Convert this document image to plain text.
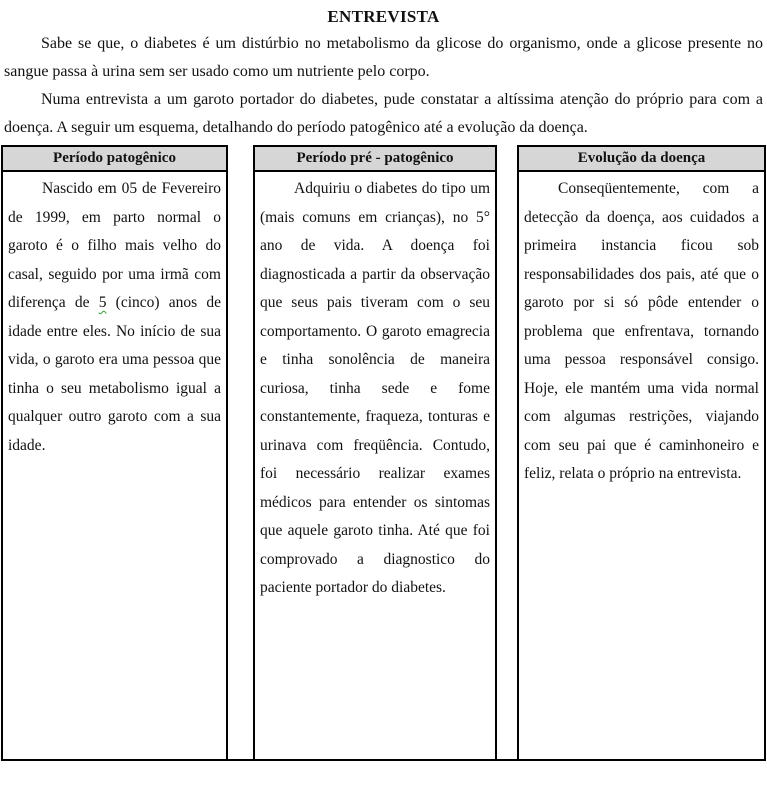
ENTREVISTA

Sabe se que, o diabetes é um distúrbio no metabolismo da glicose do organismo, onde a glicose presente no sangue passa à urina sem ser usado como um nutriente pelo corpo.

Numa entrevista a um garoto portador do diabetes, pude constatar a altíssima atenção do próprio para com a doença. A seguir um esquema, detalhando do período patogênico até a evolução da doença.

Período patogênico
Nascido em 05 de Fevereiro de 1999, em parto normal o garoto é o filho mais velho do casal, seguido por uma irmã com diferença de 5 (cinco) anos de idade entre eles. No início de sua vida, o garoto era uma pessoa que tinha o seu metabolismo igual a qualquer outro garoto com a sua idade.
Período pré - patogênico
Adquiriu o diabetes do tipo um (mais comuns em crianças), no 5° ano de vida. A doença foi diagnosticada a partir da observação que seus pais tiveram com o seu comportamento. O garoto emagrecia e tinha sonolência de maneira curiosa, tinha sede e fome constantemente, fraqueza, tonturas e urinava com freqüência. Contudo, foi necessário realizar exames médicos para entender os sintomas que aquele garoto tinha. Até que foi comprovado a diagnostico do paciente portador do diabetes.
Evolução da doença
Conseqüentemente, com a detecção da doença, aos cuidados a primeira instancia ficou sob responsabilidades dos pais, até que o garoto por si só pôde entender o problema que enfrentava, tornando uma pessoa responsável consigo. Hoje, ele mantém uma vida normal com algumas restrições, viajando com seu pai que é caminhoneiro e feliz, relata o próprio na entrevista.
